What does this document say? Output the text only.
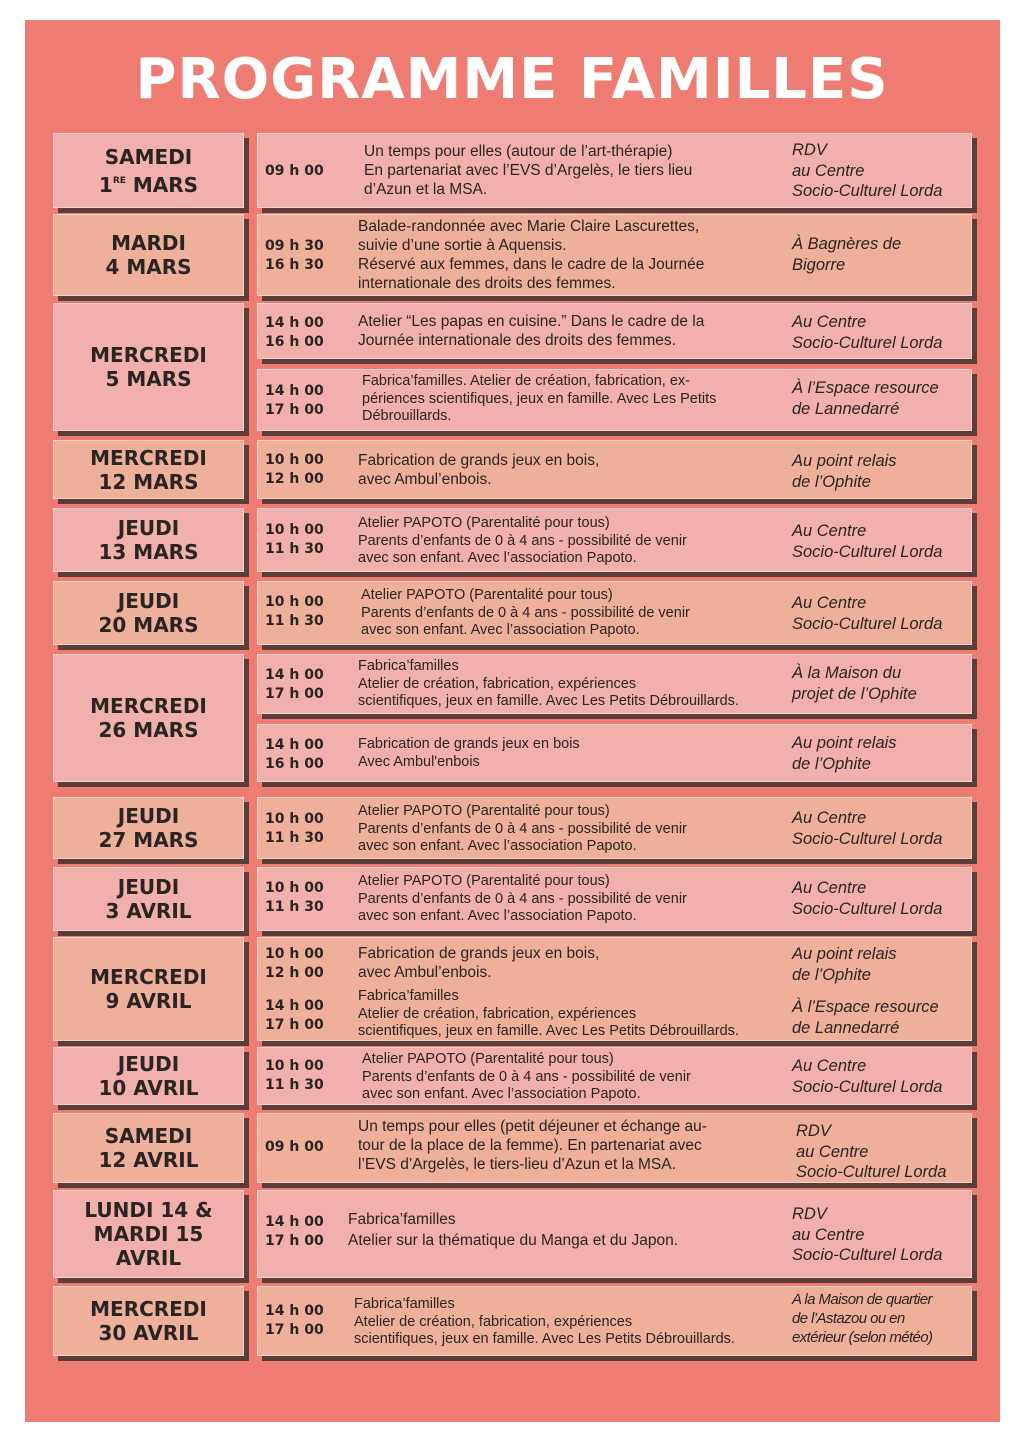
PROGRAMME FAMILLES
SAMEDI
1RE MARS
MARDI
4 MARS
MERCREDI
5 MARS
MERCREDI
12 MARS
JEUDI
13 MARS
JEUDI
20 MARS
MERCREDI
26 MARS
JEUDI
27 MARS
JEUDI
3 AVRIL
MERCREDI
9 AVRIL
JEUDI
10 AVRIL
SAMEDI
12 AVRIL
LUNDI 14 &
MARDI 15
AVRIL
MERCREDI
30 AVRIL
09 h 00
Un temps pour elles (autour de l’art-thérapie)
En partenariat avec l’EVS d’Argelès, le tiers lieu
d’Azun et la MSA.
RDV
au Centre
Socio-Culturel Lorda
09 h 30
16 h 30
Balade-randonnée avec Marie Claire Lascurettes,
suivie d’une sortie à Aquensis.
Réservé aux femmes, dans le cadre de la Journée
internationale des droits des femmes.
À Bagnères de
Bigorre
14 h 00
16 h 00
Atelier “Les papas en cuisine.” Dans le cadre de la
Journée internationale des droits des femmes.
Au Centre
Socio-Culturel Lorda
14 h 00
17 h 00
Fabrica’familles. Atelier de création, fabrication, ex-
périences scientifiques, jeux en famille. Avec Les Petits
Débrouillards.
À l’Espace resource
de Lannedarré
10 h 00
12 h 00
Fabrication de grands jeux en bois,
avec Ambul’enbois.
Au point relais
de l’Ophite
10 h 00
11 h 30
Atelier PAPOTO (Parentalité pour tous)
Parents d’enfants de 0 à 4 ans - possibilité de venir
avec son enfant. Avec l’association Papoto.
Au Centre
Socio-Culturel Lorda
10 h 00
11 h 30
Atelier PAPOTO (Parentalité pour tous)
Parents d’enfants de 0 à 4 ans - possibilité de venir
avec son enfant. Avec l’association Papoto.
Au Centre
Socio-Culturel Lorda
14 h 00
17 h 00
Fabrica’familles
Atelier de création, fabrication, expériences
scientifiques, jeux en famille. Avec Les Petits Débrouillards.
À la Maison du
projet de l’Ophite
14 h 00
16 h 00
Fabrication de grands jeux en bois
Avec Ambul'enbois
Au point relais
de l’Ophite
10 h 00
11 h 30
Atelier PAPOTO (Parentalité pour tous)
Parents d’enfants de 0 à 4 ans - possibilité de venir
avec son enfant. Avec l’association Papoto.
Au Centre
Socio-Culturel Lorda
10 h 00
11 h 30
Atelier PAPOTO (Parentalité pour tous)
Parents d’enfants de 0 à 4 ans - possibilité de venir
avec son enfant. Avec l’association Papoto.
Au Centre
Socio-Culturel Lorda
10 h 00
12 h 00
Fabrication de grands jeux en bois,
avec Ambul’enbois.
Au point relais
de l’Ophite
14 h 00
17 h 00
Fabrica’familles
Atelier de création, fabrication, expériences
scientifiques, jeux en famille. Avec Les Petits Débrouillards.
À l’Espace resource
de Lannedarré
10 h 00
11 h 30
Atelier PAPOTO (Parentalité pour tous)
Parents d’enfants de 0 à 4 ans - possibilité de venir
avec son enfant. Avec l’association Papoto.
Au Centre
Socio-Culturel Lorda
09 h 00
Un temps pour elles (petit déjeuner et échange au-
tour de la place de la femme). En partenariat avec
l’EVS d’Argelès, le tiers-lieu d’Azun et la MSA.
RDV
au Centre
Socio-Culturel Lorda
14 h 00
17 h 00
Fabrica’familles
Atelier sur la thématique du Manga et du Japon.
RDV
au Centre
Socio-Culturel Lorda
14 h 00
17 h 00
Fabrica’familles
Atelier de création, fabrication, expériences
scientifiques, jeux en famille. Avec Les Petits Débrouillards.
A la Maison de quartier
de l’Astazou ou en
extérieur (selon météo)
